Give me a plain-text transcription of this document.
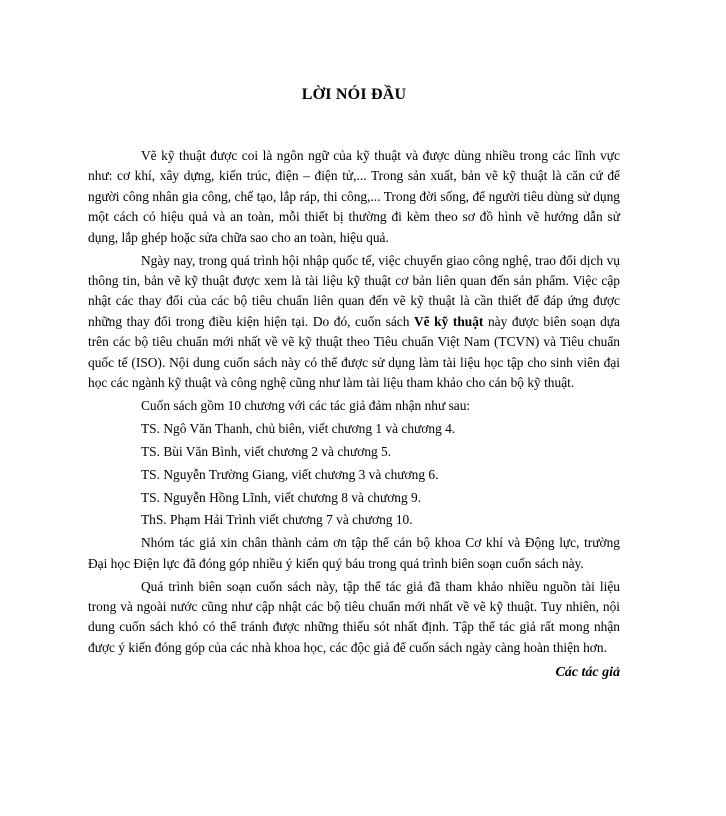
LỜI NÓI ĐẦU

Vẽ kỹ thuật được coi là ngôn ngữ của kỹ thuật và được dùng nhiều trong các lĩnh vực như: cơ khí, xây dựng, kiến trúc, điện – điện tử,... Trong sản xuất, bản vẽ kỹ thuật là căn cứ để người công nhân gia công, chế tạo, lắp ráp, thi công,... Trong đời sống, để người tiêu dùng sử dụng một cách có hiệu quả và an toàn, mỗi thiết bị thường đi kèm theo sơ đồ hình vẽ hướng dẫn sử dụng, lắp ghép hoặc sửa chữa sao cho an toàn, hiệu quả.

Ngày nay, trong quá trình hội nhập quốc tế, việc chuyển giao công nghệ, trao đổi dịch vụ thông tin, bản vẽ kỹ thuật được xem là tài liệu kỹ thuật cơ bản liên quan đến sản phẩm. Việc cập nhật các thay đổi của các bộ tiêu chuẩn liên quan đến vẽ kỹ thuật là cần thiết để đáp ứng được những thay đổi trong điều kiện hiện tại. Do đó, cuốn sách Vẽ kỹ thuật này được biên soạn dựa trên các bộ tiêu chuẩn mới nhất về vẽ kỹ thuật theo Tiêu chuẩn Việt Nam (TCVN) và Tiêu chuẩn quốc tế (ISO). Nội dung cuốn sách này có thể được sử dụng làm tài liệu học tập cho sinh viên đại học các ngành kỹ thuật và công nghệ cũng như làm tài liệu tham khảo cho cán bộ kỹ thuật.

Cuốn sách gồm 10 chương với các tác giả đảm nhận như sau:

TS. Ngô Văn Thanh, chủ biên, viết chương 1 và chương 4.

TS. Bùi Văn Bình, viết chương 2 và chương 5.

TS. Nguyễn Trường Giang, viết chương 3 và chương 6.

TS. Nguyễn Hồng Lĩnh, viết chương 8 và chương 9.

ThS. Phạm Hải Trình viết chương 7 và chương 10.

Nhóm tác giả xin chân thành cảm ơn tập thể cán bộ khoa Cơ khí và Động lực, trường Đại học Điện lực đã đóng góp nhiều ý kiến quý báu trong quá trình biên soạn cuốn sách này.

Quá trình biên soạn cuốn sách này, tập thể tác giả đã tham khảo nhiều nguồn tài liệu trong và ngoài nước cũng như cập nhật các bộ tiêu chuẩn mới nhất về vẽ kỹ thuật. Tuy nhiên, nội dung cuốn sách khó có thể tránh được những thiếu sót nhất định. Tập thể tác giả rất mong nhận được ý kiến đóng góp của các nhà khoa học, các độc giả để cuốn sách ngày càng hoàn thiện hơn.

Các tác giả
